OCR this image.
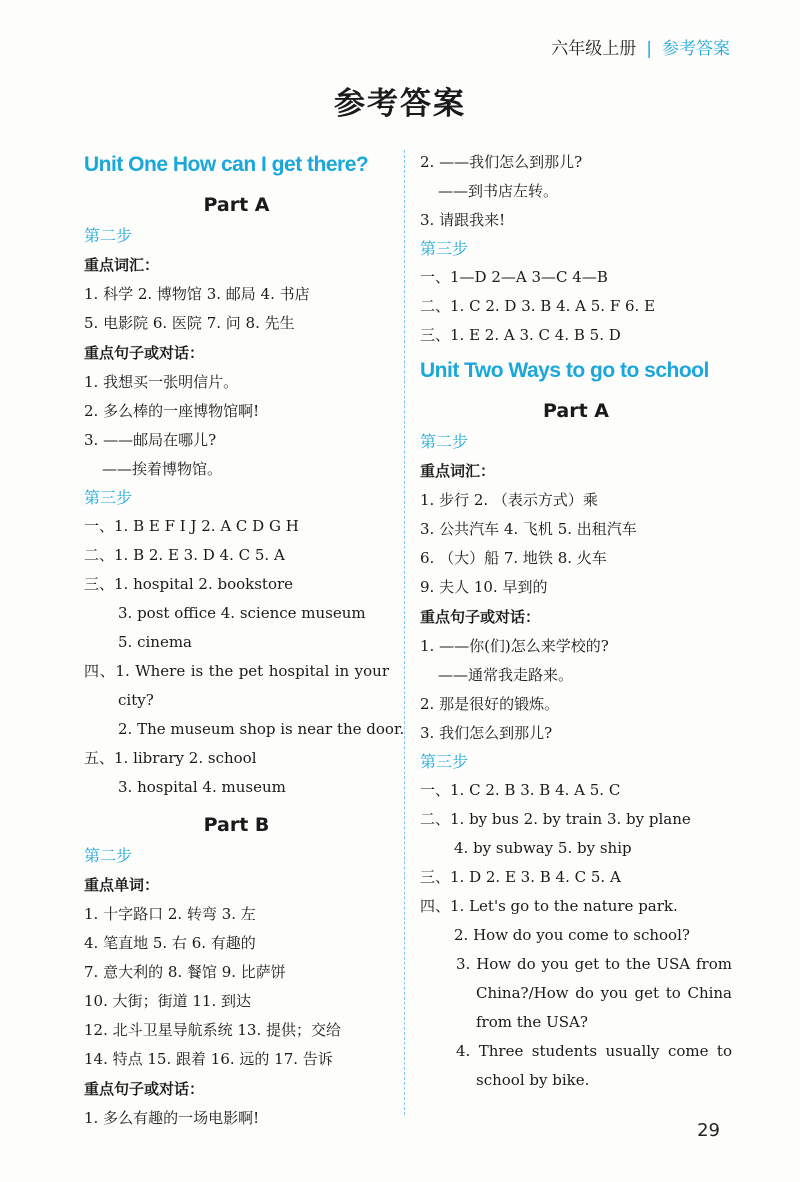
六年级上册 | 参考答案
参考答案
Unit One How can I get there?
Part A
第二步
重点词汇：
1. 科学 2. 博物馆 3. 邮局 4. 书店
5. 电影院 6. 医院 7. 问 8. 先生
重点句子或对话：
1. 我想买一张明信片。
2. 多么棒的一座博物馆啊!
3. ——邮局在哪儿?
——挨着博物馆。
第三步
一、1. B E F I J 2. A C D G H
二、1. B 2. E 3. D 4. C 5. A
三、1. hospital 2. bookstore
3. post office 4. science museum
5. cinema
四、1. Where is the pet hospital in your city?
2. The museum shop is near the door.
五、1. library 2. school
3. hospital 4. museum
Part B
第二步
重点单词：
1. 十字路口 2. 转弯 3. 左
4. 笔直地 5. 右 6. 有趣的
7. 意大利的 8. 餐馆 9. 比萨饼
10. 大街；街道 11. 到达
12. 北斗卫星导航系统 13. 提供；交给
14. 特点 15. 跟着 16. 远的 17. 告诉
重点句子或对话：
1. 多么有趣的一场电影啊!
2. ——我们怎么到那儿?
——到书店左转。
3. 请跟我来!
第三步
一、1—D 2—A 3—C 4—B
二、1. C 2. D 3. B 4. A 5. F 6. E
三、1. E 2. A 3. C 4. B 5. D
Unit Two Ways to go to school
Part A
第二步
重点词汇：
1. 步行 2. （表示方式）乘
3. 公共汽车 4. 飞机 5. 出租汽车
6. （大）船 7. 地铁 8. 火车
9. 夫人 10. 早到的
重点句子或对话：
1. ——你(们)怎么来学校的?
——通常我走路来。
2. 那是很好的锻炼。
3. 我们怎么到那儿?
第三步
一、1. C 2. B 3. B 4. A 5. C
二、1. by bus 2. by train 3. by plane
4. by subway 5. by ship
三、1. D 2. E 3. B 4. C 5. A
四、1. Let's go to the nature park.
2. How do you come to school?
3. How do you get to the USA from China?/How do you get to China from the USA?
4. Three students usually come to school by bike.
29
